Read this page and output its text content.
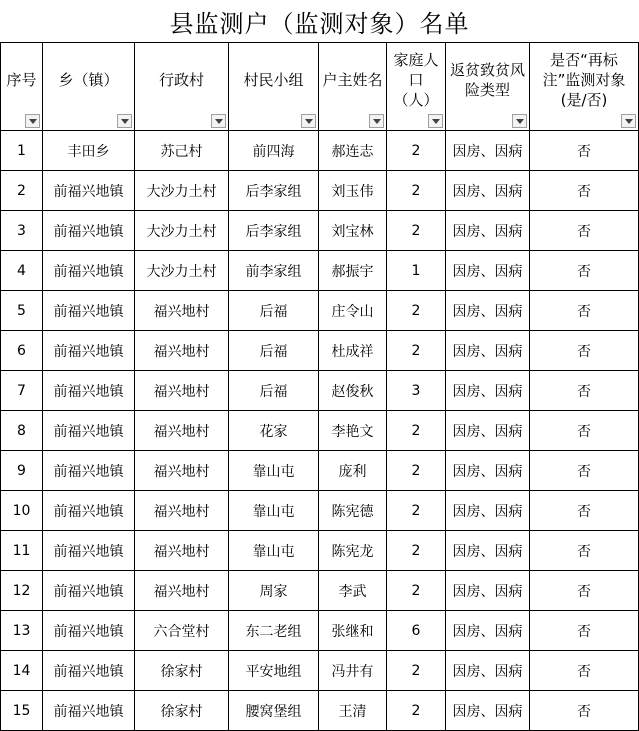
县监测户（监测对象）名单
序号	乡（镇）	行政村	村民小组	户主姓名	家庭人口（人）	返贫致贫风险类型	是否“再标注”监测对象(是/否)

1	丰田乡	苏己村	前四海	郝连志	2	因房、因病	否
2	前福兴地镇	大沙力土村	后李家组	刘玉伟	2	因房、因病	否
3	前福兴地镇	大沙力土村	后李家组	刘宝林	2	因房、因病	否
4	前福兴地镇	大沙力土村	前李家组	郝振宇	1	因房、因病	否
5	前福兴地镇	福兴地村	后福	庄令山	2	因房、因病	否
6	前福兴地镇	福兴地村	后福	杜成祥	2	因房、因病	否
7	前福兴地镇	福兴地村	后福	赵俊秋	3	因房、因病	否
8	前福兴地镇	福兴地村	花家	李艳文	2	因房、因病	否
9	前福兴地镇	福兴地村	靠山屯	庞利	2	因房、因病	否
10	前福兴地镇	福兴地村	靠山屯	陈宪德	2	因房、因病	否
11	前福兴地镇	福兴地村	靠山屯	陈宪龙	2	因房、因病	否
12	前福兴地镇	福兴地村	周家	李武	2	因房、因病	否
13	前福兴地镇	六合堂村	东二老组	张继和	6	因房、因病	否
14	前福兴地镇	徐家村	平安地组	冯井有	2	因房、因病	否
15	前福兴地镇	徐家村	腰窝堡组	王清	2	因房、因病	否
